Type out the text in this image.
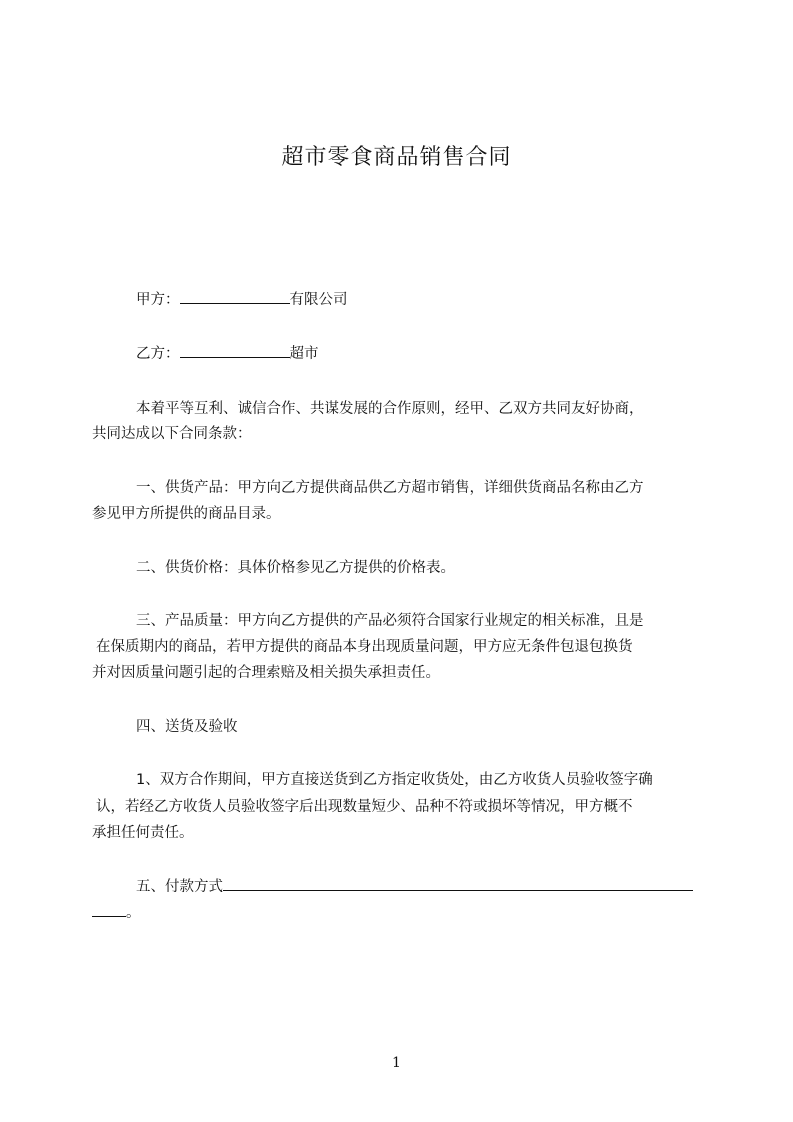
超市零食商品销售合同
甲方：	有限公司
乙方：	超市
本着平等互利、诚信合作、共谋发展的合作原则，经甲、乙双方共同友好协商，
共同达成以下合同条款：
一、供货产品：甲方向乙方提供商品供乙方超市销售，详细供货商品名称由乙方
参见甲方所提供的商品目录。
二、供货价格：具体价格参见乙方提供的价格表。
三、产品质量：甲方向乙方提供的产品必须符合国家行业规定的相关标准，且是
在保质期内的商品，若甲方提供的商品本身出现质量问题，甲方应无条件包退包换货
并对因质量问题引起的合理索赔及相关损失承担责任。
四、送货及验收
1、双方合作期间，甲方直接送货到乙方指定收货处，由乙方收货人员验收签字确
认，若经乙方收货人员验收签字后出现数量短少、品种不符或损坏等情况，甲方概不
承担任何责任。
五、付款方式
。
1
